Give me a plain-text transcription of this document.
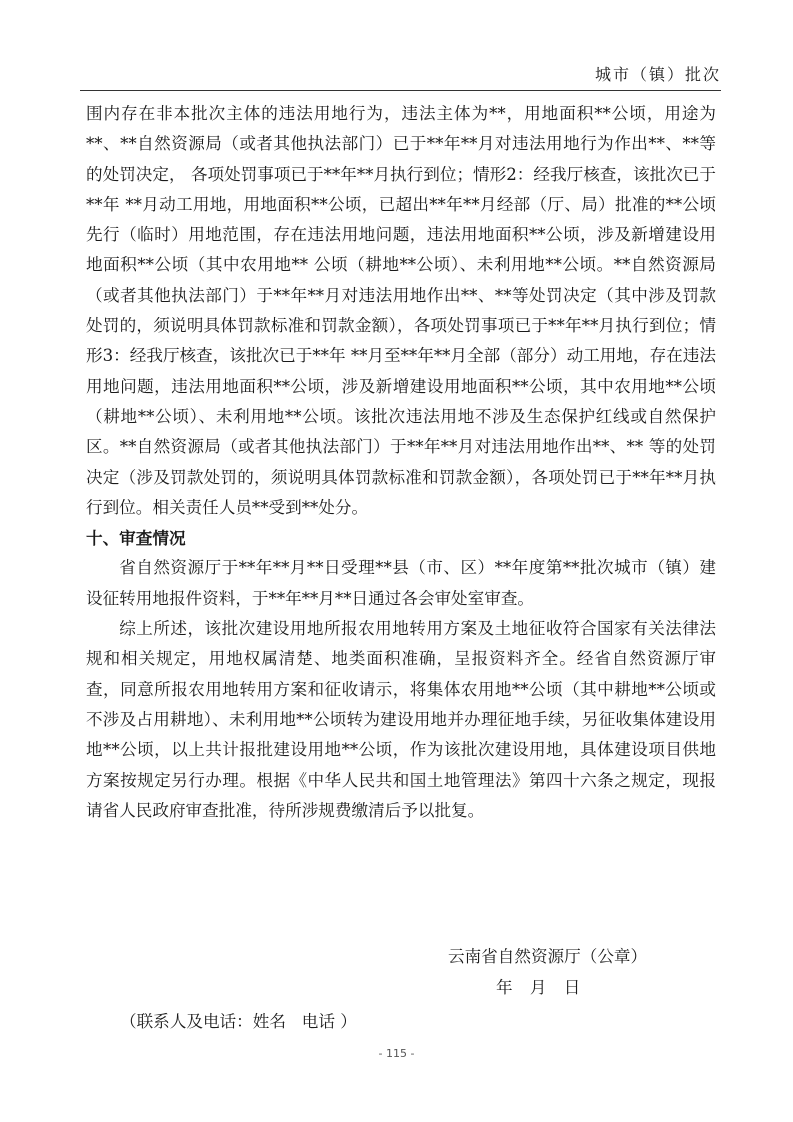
城市（镇）批次

围内存在非本批次主体的违法用地行为，违法主体为**，用地面积**公顷，用途为**、**自然资源局（或者其他执法部门）已于**年**月对违法用地行为作出**、**等的处罚决定， 各项处罚事项已于**年**月执行到位；情形2：经我厅核查，该批次已于**年 **月动工用地，用地面积**公顷，已超出**年**月经部（厅、局）批准的**公顷先行（临时）用地范围，存在违法用地问题，违法用地面积**公顷，涉及新增建设用地面积**公顷（其中农用地** 公顷（耕地**公顷）、未利用地**公顷。**自然资源局（或者其他执法部门）于**年**月对违法用地作出**、**等处罚决定（其中涉及罚款处罚的，须说明具体罚款标准和罚款金额），各项处罚事项已于**年**月执行到位；情形3：经我厅核查，该批次已于**年 **月至**年**月全部（部分）动工用地，存在违法用地问题，违法用地面积**公顷，涉及新增建设用地面积**公顷，其中农用地**公顷（耕地**公顷）、未利用地**公顷。该批次违法用地不涉及生态保护红线或自然保护区。**自然资源局（或者其他执法部门）于**年**月对违法用地作出**、** 等的处罚决定（涉及罚款处罚的，须说明具体罚款标准和罚款金额），各项处罚已于**年**月执行到位。相关责任人员**受到**处分。

十、审查情况

省自然资源厅于**年**月**日受理**县（市、区）**年度第**批次城市（镇）建设征转用地报件资料，于**年**月**日通过各会审处室审查。

综上所述，该批次建设用地所报农用地转用方案及土地征收符合国家有关法律法规和相关规定，用地权属清楚、地类面积准确，呈报资料齐全。经省自然资源厅审查，同意所报农用地转用方案和征收请示，将集体农用地**公顷（其中耕地**公顷或不涉及占用耕地）、未利用地**公顷转为建设用地并办理征地手续，另征收集体建设用地**公顷，以上共计报批建设用地**公顷，作为该批次建设用地，具体建设项目供地方案按规定另行办理。根据《中华人民共和国土地管理法》第四十六条之规定，现报请省人民政府审查批准，待所涉规费缴清后予以批复。

云南省自然资源厅（公章）
年 月 日
（联系人及电话：姓名   电话 ）
- 115 -
